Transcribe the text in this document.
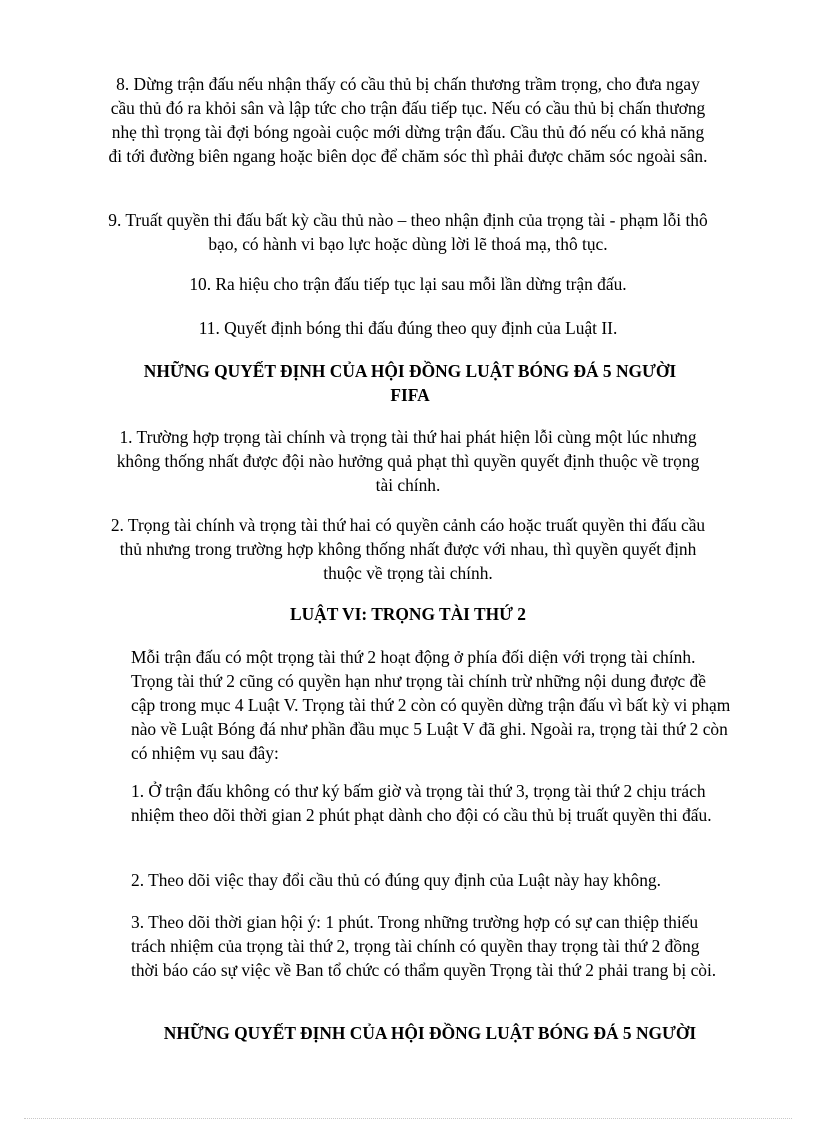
8. Dừng trận đấu nếu nhận thấy có cầu thủ bị chấn thương trầm trọng, cho đưa ngay cầu thủ đó ra khỏi sân và lập tức cho trận đấu tiếp tục. Nếu có cầu thủ bị chấn thương nhẹ thì trọng tài đợi bóng ngoài cuộc mới dừng trận đấu. Cầu thủ đó nếu có khả năng đi tới đường biên ngang hoặc biên dọc để chăm sóc thì phải được chăm sóc ngoài sân.

9. Truất quyền thi đấu bất kỳ cầu thủ nào – theo nhận định của trọng tài - phạm lỗi thô bạo, có hành vi bạo lực hoặc dùng lời lẽ thoá mạ, thô tục.

10. Ra hiệu cho trận đấu tiếp tục lại sau mỗi lần dừng trận đấu.

11. Quyết định bóng thi đấu đúng theo quy định của Luật II.

NHỮNG QUYẾT ĐỊNH CỦA HỘI ĐỒNG LUẬT BÓNG ĐÁ 5 NGƯỜI FIFA

1. Trường hợp trọng tài chính và trọng tài thứ hai phát hiện lỗi cùng một lúc nhưng không thống nhất được đội nào hưởng quả phạt thì quyền quyết định thuộc về trọng tài chính.

2. Trọng tài chính và trọng tài thứ hai có quyền cảnh cáo hoặc truất quyền thi đấu cầu thủ nhưng trong trường hợp không thống nhất được với nhau, thì quyền quyết định thuộc về trọng tài chính.

LUẬT VI: TRỌNG TÀI THỨ 2

Mỗi trận đấu có một trọng tài thứ 2 hoạt động ở phía đối diện với trọng tài chính. Trọng tài thứ 2 cũng có quyền hạn như trọng tài chính trừ những nội dung được đề cập trong mục 4 Luật V. Trọng tài thứ 2 còn có quyền dừng trận đấu vì bất kỳ vi phạm nào về Luật Bóng đá như phần đầu mục 5 Luật V đã ghi. Ngoài ra, trọng tài thứ 2 còn có nhiệm vụ sau đây:

1. Ở trận đấu không có thư ký bấm giờ và trọng tài thứ 3, trọng tài thứ 2 chịu trách nhiệm theo dõi thời gian 2 phút phạt dành cho đội có cầu thủ bị truất quyền thi đấu.

2. Theo dõi việc thay đổi cầu thủ có đúng quy định của Luật này hay không.

3. Theo dõi thời gian hội ý: 1 phút. Trong những trường hợp có sự can thiệp thiếu trách nhiệm của trọng tài thứ 2, trọng tài chính có quyền thay trọng tài thứ 2 đồng thời báo cáo sự việc về Ban tổ chức có thẩm quyền Trọng tài thứ 2 phải trang bị còi.

NHỮNG QUYẾT ĐỊNH CỦA HỘI ĐỒNG LUẬT BÓNG ĐÁ 5 NGƯỜI
